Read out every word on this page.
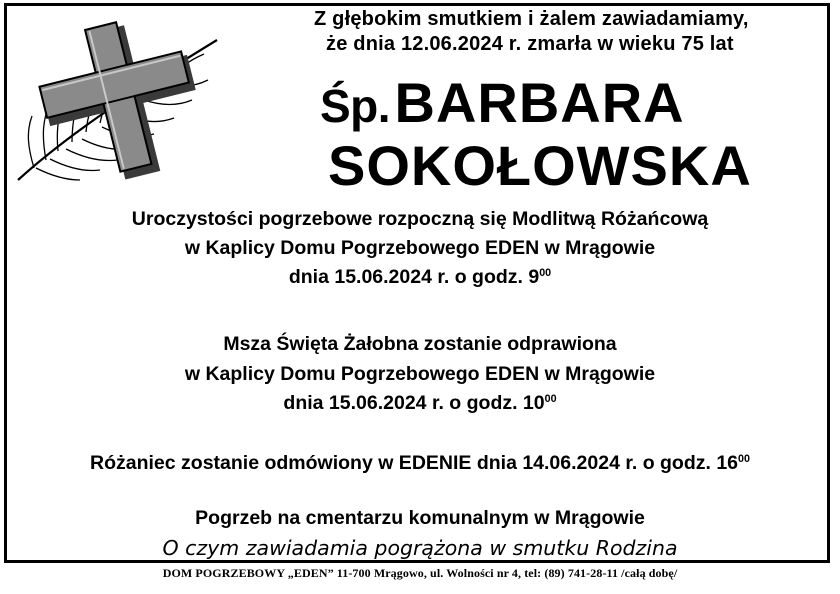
Z głębokim smutkiem i żalem zawiadamiamy,
że dnia 12.06.2024 r. zmarła w wieku 75 lat
Śp. BARBARA
SOKOŁOWSKA
Uroczystości pogrzebowe rozpoczną się Modlitwą Różańcową
w Kaplicy Domu Pogrzebowego EDEN w Mrągowie
dnia 15.06.2024 r. o godz. $9^{00}$
Msza Święta Żałobna zostanie odprawiona
w Kaplicy Domu Pogrzebowego EDEN w Mrągowie
dnia 15.06.2024 r. o godz. $10^{00}$
Różaniec zostanie odmówiony w EDENIE dnia 14.06.2024 r. o godz. $16^{00}$
Pogrzeb na cmentarzu komunalnym w Mrągowie
O czym zawiadamia pogrążona w smutku Rodzina
DOM POGRZEBOWY „EDEN” 11-700 Mrągowo, ul. Wolności nr 4, tel: (89) 741-28-11 /całą dobę/
